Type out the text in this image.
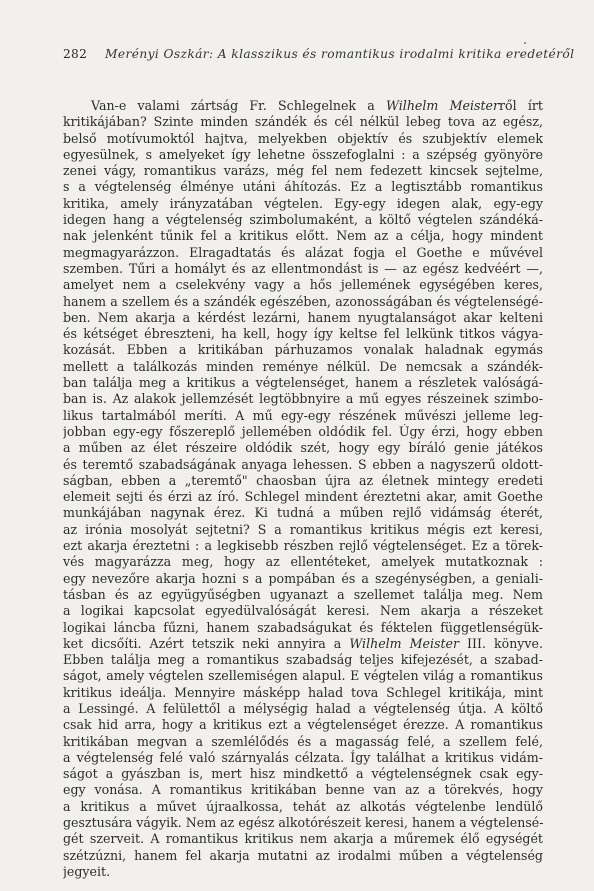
282 Merényi Oszkár: A klasszikus és romantikus irodalmi kritika eredetéről
Van-e valami zártság Fr. Schlegelnek a Wilhelm Meisterről írt
kritikájában? Szinte minden szándék és cél nélkül lebeg tova az egész,
belső motívumoktól hajtva, melyekben objektív és szubjektív elemek
egyesülnek, s amelyeket így lehetne összefoglalni : a szépség gyönyöre
zenei vágy, romantikus varázs, még fel nem fedezett kincsek sejtelme,
s a végtelenség élménye utáni áhítozás. Ez a legtisztább romantikus
kritika, amely irányzatában végtelen. Egy-egy idegen alak, egy-egy
idegen hang a végtelenség szimbolumaként, a költő végtelen szándéká-
nak jelenként tűnik fel a kritikus előtt. Nem az a célja, hogy mindent
megmagyarázzon. Elragadtatás és alázat fogja el Goethe e művével
szemben. Tűri a homályt és az ellentmondást is — az egész kedvéért —,
amelyet nem a cselekvény vagy a hős jellemének egységében keres,
hanem a szellem és a szándék egészében, azonosságában és végtelenségé-
ben. Nem akarja a kérdést lezárni, hanem nyugtalanságot akar kelteni
és kétséget ébreszteni, ha kell, hogy így keltse fel lelkünk titkos vágya-
kozását. Ebben a kritikában párhuzamos vonalak haladnak egymás
mellett a találkozás minden reménye nélkül. De nemcsak a szándék-
ban találja meg a kritikus a végtelenséget, hanem a részletek valóságá-
ban is. Az alakok jellemzését legtöbbnyire a mű egyes részeinek szimbo-
likus tartalmából meríti. A mű egy-egy részének művészi jelleme leg-
jobban egy-egy főszereplő jellemében oldódik fel. Úgy érzi, hogy ebben
a műben az élet részeire oldódik szét, hogy egy bíráló genie játékos
és teremtő szabadságának anyaga lehessen. S ebben a nagyszerű oldott-
ságban, ebben a „teremtő" chaosban újra az életnek mintegy eredeti
elemeit sejti és érzi az író. Schlegel mindent éreztetni akar, amit Goethe
munkájában nagynak érez. Ki tudná a műben rejlő vidámság éterét,
az irónia mosolyát sejtetni? S a romantikus kritikus mégis ezt keresi,
ezt akarja éreztetni : a legkisebb részben rejlő végtelenséget. Ez a törek-
vés magyarázza meg, hogy az ellentéteket, amelyek mutatkoznak :
egy nevezőre akarja hozni s a pompában és a szegénységben, a geniali-
tásban és az együgyűségben ugyanazt a szellemet találja meg. Nem
a logikai kapcsolat egyedülvalóságát keresi. Nem akarja a részeket
logikai láncba fűzni, hanem szabadságukat és féktelen függetlenségük-
ket dicsőíti. Azért tetszik neki annyira a Wilhelm Meister III. könyve.
Ebben találja meg a romantikus szabadság teljes kifejezését, a szabad-
ságot, amely végtelen szellemiségen alapul. E végtelen világ a romantikus
kritikus ideálja. Mennyire másképp halad tova Schlegel kritikája, mint
a Lessingé. A felülettől a mélységig halad a végtelenség útja. A költő
csak hid arra, hogy a kritikus ezt a végtelenséget érezze. A romantikus
kritikában megvan a szemlélődés és a magasság felé, a szellem felé,
a végtelenség felé való szárnyalás célzata. Így találhat a kritikus vidám-
ságot a gyászban is, mert hisz mindkettő a végtelenségnek csak egy-
egy vonása. A romantikus kritikában benne van az a törekvés, hogy
a kritikus a művet újraalkossa, tehát az alkotás végtelenbe lendülő
gesztusára vágyik. Nem az egész alkotórészeit keresi, hanem a végtelensé-
gét szerveit. A romantikus kritikus nem akarja a műremek élő egységét
szétzúzni, hanem fel akarja mutatni az irodalmi műben a végtelenség
jegyeit.
